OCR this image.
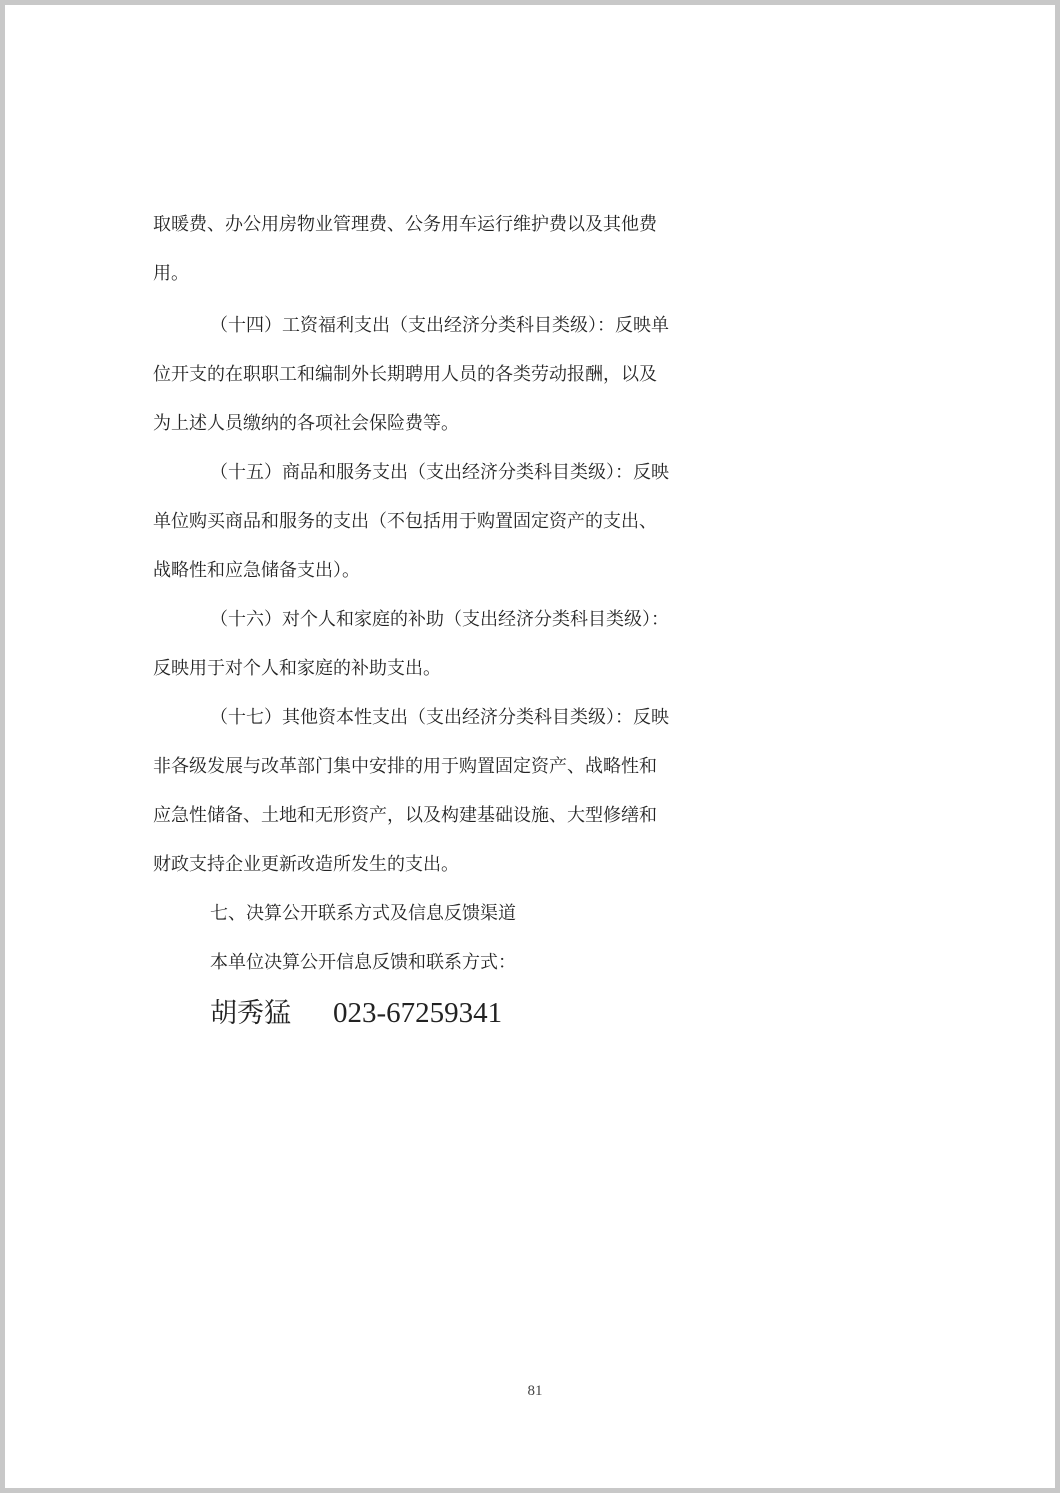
取暖费、办公用房物业管理费、公务用车运行维护费以及其他费
用。
（十四）工资福利支出（支出经济分类科目类级）：反映单
位开支的在职职工和编制外长期聘用人员的各类劳动报酬，以及
为上述人员缴纳的各项社会保险费等。
（十五）商品和服务支出（支出经济分类科目类级）：反映
单位购买商品和服务的支出（不包括用于购置固定资产的支出、
战略性和应急储备支出）。
（十六）对个人和家庭的补助（支出经济分类科目类级）：
反映用于对个人和家庭的补助支出。
（十七）其他资本性支出（支出经济分类科目类级）：反映
非各级发展与改革部门集中安排的用于购置固定资产、战略性和
应急性储备、土地和无形资产，以及构建基础设施、大型修缮和
财政支持企业更新改造所发生的支出。
七、决算公开联系方式及信息反馈渠道
本单位决算公开信息反馈和联系方式：
胡秀猛 023-67259341
81
